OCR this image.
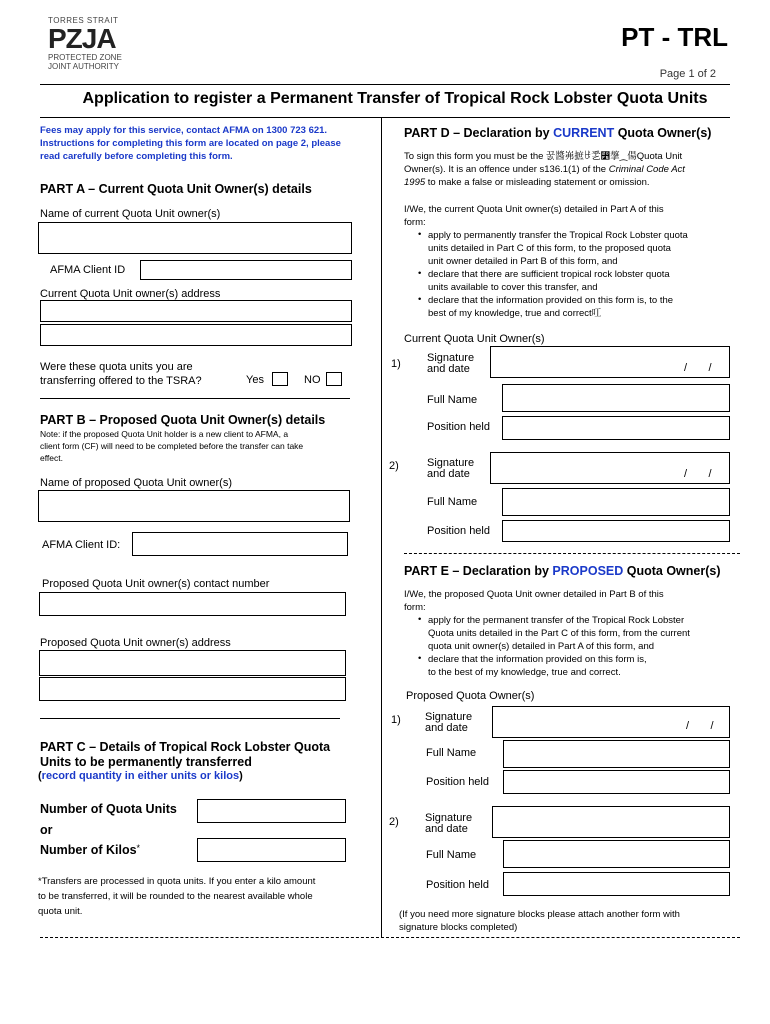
TORRES STRAIT
PZJA
PROTECTED ZONE
JOINT AUTHORITY
PT - TRL
Page 1 of 2
Application to register a Permanent Transfer of Tropical Rock Lobster Quota Units
Fees may apply for this service, contact AFMA on 1300 723 621.
Instructions for completing this form are located on page 2, please
read carefully before completing this form.
PART A – Current Quota Unit Owner(s) details
Name of current Quota Unit owner(s)
AFMA Client ID
Current Quota Unit owner(s) address
Were these quota units you are
transferring offered to the TSRA?	Yes	NO
PART B – Proposed Quota Unit Owner(s) details
Note: if the proposed Quota Unit holder is a new client to AFMA, a
client form (CF) will need to be completed before the transfer can take
effect.
Name of proposed Quota Unit owner(s)
AFMA Client ID:
Proposed Quota Unit owner(s) contact number
Proposed Quota Unit owner(s) address
PART C – Details of Tropical Rock Lobster Quota
Units to be permanently transferred
(record quantity in either units or kilos)
Number of Quota Units
or
Number of Kilos*
*Transfers are processed in quota units. If you enter a kilo amount
to be transferred, it will be rounded to the nearest available whole
quota unit.
PART D – Declaration by CURRENT Quota Owner(s)
To sign this form you must be the 꿄醬岪摭ꄇ乯⃵摮⁔偒Quota Unit
Owner(s). It is an offence under s136.1(1) of the Criminal Code Act
1995 to make a false or misleading statement or omission.
I/We, the current Quota Unit owner(s) detailed in Part A of this
form:
• apply to permanently transfer the Tropical Rock Lobster quota
units detailed in Part C of this form, to the proposed quota
unit owner detailed in Part B of this form, and
• declare that there are sufficient tropical rock lobster quota
units available to cover this transfer, and
• declare that the information provided on this form is, to the
best of my knowledge, true and correct叿
Current Quota Unit Owner(s)
1) Signature
and date	/       /
Full Name
Position held
2)	Signature
and date	/       /
Full Name
Position held
PART E – Declaration by PROPOSED Quota Owner(s)
I/We, the proposed Quota Unit owner detailed in Part B of this
form:
• apply for the permanent transfer of the Tropical Rock Lobster
Quota units detailed in the Part C of this form, from the current
quota unit owner(s) detailed in Part A of this form, and
• declare that the information provided on this form is,
to the best of my knowledge, true and correct.
Proposed Quota Owner(s)
1) Signature
and date	/       /
Full Name
Position held
2) Signature
and date
Full Name
Position held
(If you need more signature blocks please attach another form with
signature blocks completed)
